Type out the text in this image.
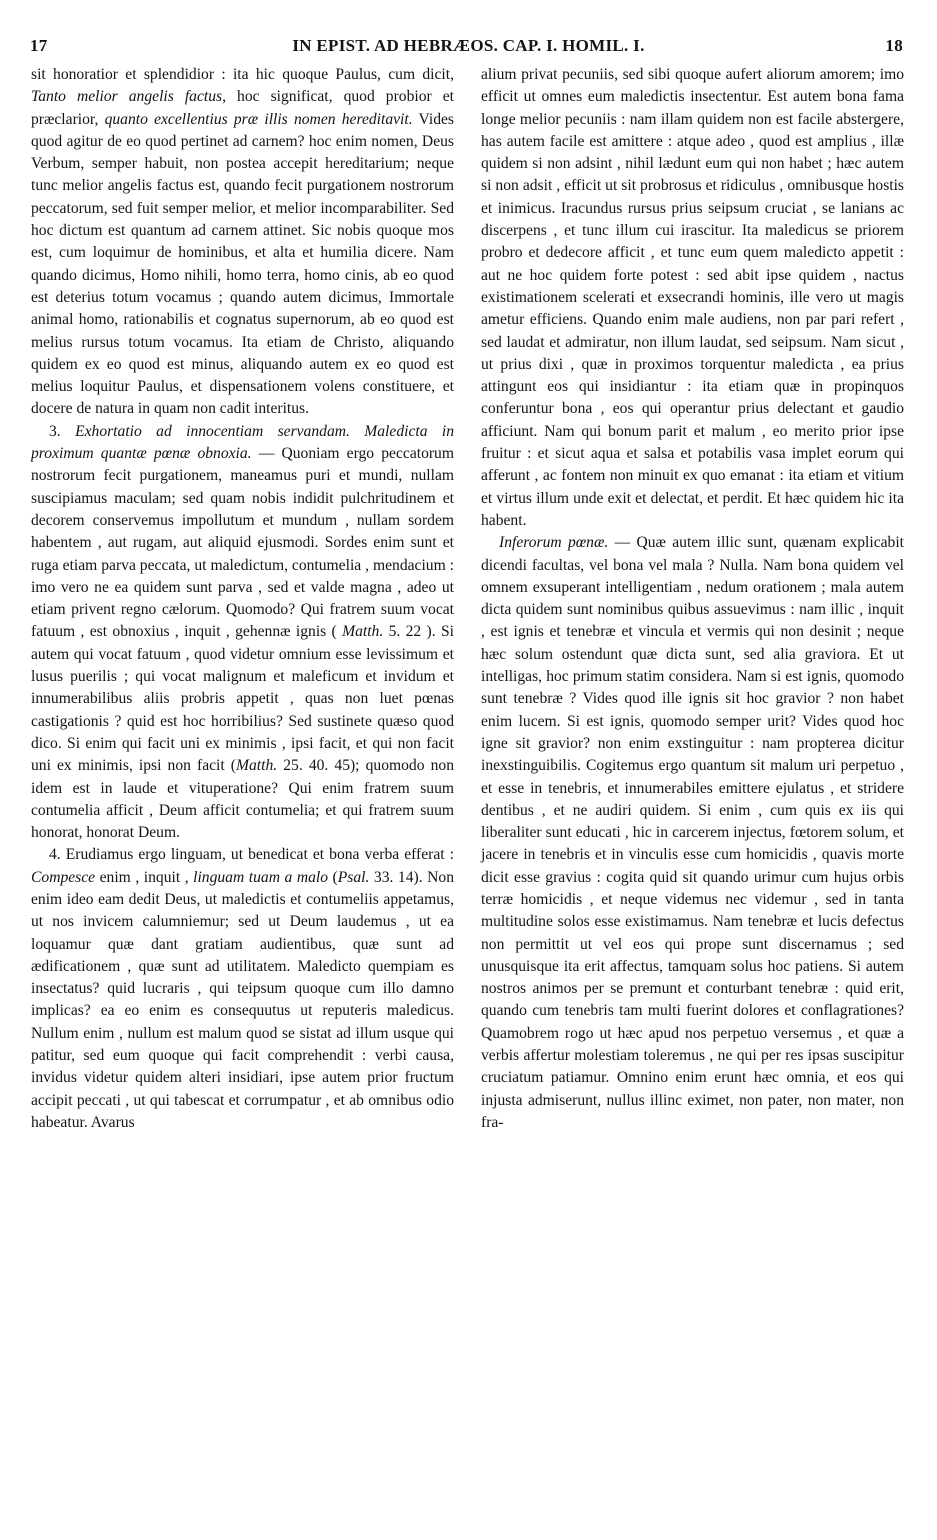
17	IN EPIST. AD HEBRÆOS. CAP. I. HOMIL. I.	18

sit honoratior et splendidior : ita hic quoque Paulus, cum dicit, Tanto melior angelis factus, hoc significat, quod probior et præclarior, quanto excellentius præ illis nomen hereditavit. Vides quod agitur de eo quod pertinet ad carnem? hoc enim nomen, Deus Verbum, semper habuit, non postea accepit hereditarium; neque tunc melior angelis factus est, quando fecit purgationem nostrorum peccatorum, sed fuit semper melior, et melior incomparabiliter. Sed hoc dictum est quantum ad carnem attinet. Sic nobis quoque mos est, cum loquimur de hominibus, et alta et humilia dicere. Nam quando dicimus, Homo nihili, homo terra, homo cinis, ab eo quod est deterius totum vocamus ; quando autem dicimus, Immortale animal homo, rationabilis et cognatus supernorum, ab eo quod est melius rursus totum vocamus. Ita etiam de Christo, aliquando quidem ex eo quod est minus, aliquando autem ex eo quod est melius loquitur Paulus, et dispensationem volens constituere, et docere de natura in quam non cadit interitus.

3. Exhortatio ad innocentiam servandam. Maledicta in proximum quantæ pœnæ obnoxia. — Quoniam ergo peccatorum nostrorum fecit purgationem, maneamus puri et mundi, nullam suscipiamus maculam; sed quam nobis indidit pulchritudinem et decorem conservemus impollutum et mundum , nullam sordem habentem , aut rugam, aut aliquid ejusmodi. Sordes enim sunt et ruga etiam parva peccata, ut maledictum, contumelia , mendacium : imo vero ne ea quidem sunt parva , sed et valde magna , adeo ut etiam privent regno cælorum. Quomodo? Qui fratrem suum vocat fatuum , est obnoxius , inquit , gehennæ ignis ( Matth. 5. 22 ). Si autem qui vocat fatuum , quod videtur omnium esse levissimum et lusus puerilis ; qui vocat malignum et maleficum et invidum et innumerabilibus aliis probris appetit , quas non luet pœnas castigationis ? quid est hoc horribilius? Sed sustinete quæso quod dico. Si enim qui facit uni ex minimis , ipsi facit, et qui non facit uni ex minimis, ipsi non facit (Matth. 25. 40. 45); quomodo non idem est in laude et vituperatione? Qui enim fratrem suum contumelia afficit , Deum afficit contumelia; et qui fratrem suum honorat, honorat Deum.

4. Erudiamus ergo linguam, ut benedicat et bona verba efferat : Compesce enim , inquit , linguam tuam a malo (Psal. 33. 14). Non enim ideo eam dedit Deus, ut maledictis et contumeliis appetamus, ut nos invicem calumniemur; sed ut Deum laudemus , ut ea loquamur quæ dant gratiam audientibus, quæ sunt ad ædificationem , quæ sunt ad utilitatem. Maledicto quempiam es insectatus? quid lucraris , qui teipsum quoque cum illo damno implicas? ea eo enim es consequutus ut reputeris maledicus. Nullum enim , nullum est malum quod se sistat ad illum usque qui patitur, sed eum quoque qui facit comprehendit : verbi causa, invidus videtur quidem alteri insidiari, ipse autem prior fructum accipit peccati , ut qui tabescat et corrumpatur , et ab omnibus odio habeatur. Avarus

alium privat pecuniis, sed sibi quoque aufert aliorum amorem; imo efficit ut omnes eum maledictis insectentur. Est autem bona fama longe melior pecuniis : nam illam quidem non est facile abstergere, has autem facile est amittere : atque adeo , quod est amplius , illæ quidem si non adsint , nihil lædunt eum qui non habet ; hæc autem si non adsit , efficit ut sit probrosus et ridiculus , omnibusque hostis et inimicus. Iracundus rursus prius seipsum cruciat , se lanians ac discerpens , et tunc illum cui irascitur. Ita maledicus se priorem probro et dedecore afficit , et tunc eum quem maledicto appetit : aut ne hoc quidem forte potest : sed abit ipse quidem , nactus existimationem scelerati et exsecrandi hominis, ille vero ut magis ametur efficiens. Quando enim male audiens, non par pari refert , sed laudat et admiratur, non illum laudat, sed seipsum. Nam sicut , ut prius dixi , quæ in proximos torquentur maledicta , ea prius attingunt eos qui insidiantur : ita etiam quæ in propinquos conferuntur bona , eos qui operantur prius delectant et gaudio afficiunt. Nam qui bonum parit et malum , eo merito prior ipse fruitur : et sicut aqua et salsa et potabilis vasa implet eorum qui afferunt , ac fontem non minuit ex quo emanat : ita etiam et vitium et virtus illum unde exit et delectat, et perdit. Et hæc quidem hic ita habent.

Inferorum pœnæ. — Quæ autem illic sunt, quænam explicabit dicendi facultas, vel bona vel mala ? Nulla. Nam bona quidem vel omnem exsuperant intelligentiam , nedum orationem ; mala autem dicta quidem sunt nominibus quibus assuevimus : nam illic , inquit , est ignis et tenebræ et vincula et vermis qui non desinit ; neque hæc solum ostendunt quæ dicta sunt, sed alia graviora. Et ut intelligas, hoc primum statim considera. Nam si est ignis, quomodo sunt tenebræ ? Vides quod ille ignis sit hoc gravior ? non habet enim lucem. Si est ignis, quomodo semper urit? Vides quod hoc igne sit gravior? non enim exstinguitur : nam propterea dicitur inexstinguibilis. Cogitemus ergo quantum sit malum uri perpetuo , et esse in tenebris, et innumerabiles emittere ejulatus , et stridere dentibus , et ne audiri quidem. Si enim , cum quis ex iis qui liberaliter sunt educati , hic in carcerem injectus, fœtorem solum, et jacere in tenebris et in vinculis esse cum homicidis , quavis morte dicit esse gravius : cogita quid sit quando urimur cum hujus orbis terræ homicidis , et neque videmus nec videmur , sed in tanta multitudine solos esse existimamus. Nam tenebræ et lucis defectus non permittit ut vel eos qui prope sunt discernamus ; sed unusquisque ita erit affectus, tamquam solus hoc patiens. Si autem nostros animos per se premunt et conturbant tenebræ : quid erit, quando cum tenebris tam multi fuerint dolores et conflagrationes? Quamobrem rogo ut hæc apud nos perpetuo versemus , et quæ a verbis affertur molestiam toleremus , ne qui per res ipsas suscipitur cruciatum patiamur. Omnino enim erunt hæc omnia, et eos qui injusta admiserunt, nullus illinc eximet, non pater, non mater, non fra-
